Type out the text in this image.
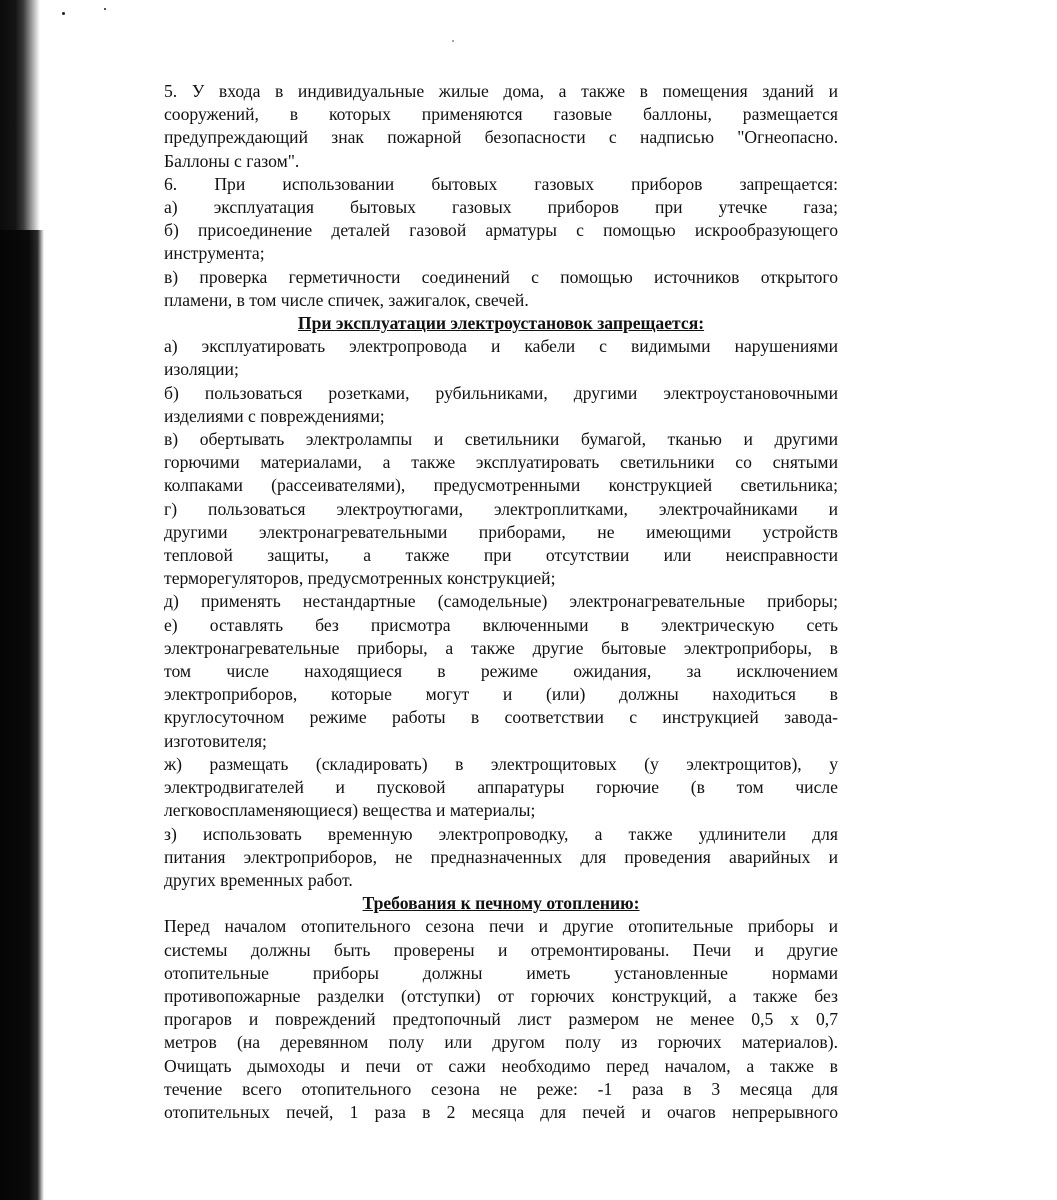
5. У входа в индивидуальные жилые дома, а также в помещения зданий и
сооружений, в которых применяются газовые баллоны, размещается
предупреждающий знак пожарной безопасности с надписью "Огнеопасно.
Баллоны с газом".
6. При использовании бытовых газовых приборов запрещается:
а) эксплуатация бытовых газовых приборов при утечке газа;
б) присоединение деталей газовой арматуры с помощью искрообразующего
инструмента;
в) проверка герметичности соединений с помощью источников открытого
пламени, в том числе спичек, зажигалок, свечей.
При эксплуатации электроустановок запрещается:
а) эксплуатировать электропровода и кабели с видимыми нарушениями
изоляции;
б) пользоваться розетками, рубильниками, другими электроустановочными
изделиями с повреждениями;
в) обертывать электролампы и светильники бумагой, тканью и другими
горючими материалами, а также эксплуатировать светильники со снятыми
колпаками (рассеивателями), предусмотренными конструкцией светильника;
г) пользоваться электроутюгами, электроплитками, электрочайниками и
другими электронагревательными приборами, не имеющими устройств
тепловой защиты, а также при отсутствии или неисправности
терморегуляторов, предусмотренных конструкцией;
д) применять нестандартные (самодельные) электронагревательные приборы;
е) оставлять без присмотра включенными в электрическую сеть
электронагревательные приборы, а также другие бытовые электроприборы, в
том числе находящиеся в режиме ожидания, за исключением
электроприборов, которые могут и (или) должны находиться в
круглосуточном режиме работы в соответствии с инструкцией завода-
изготовителя;
ж) размещать (складировать) в электрощитовых (у электрощитов), у
электродвигателей и пусковой аппаратуры горючие (в том числе
легковоспламеняющиеся) вещества и материалы;
з) использовать временную электропроводку, а также удлинители для
питания электроприборов, не предназначенных для проведения аварийных и
других временных работ.
Требования к печному отоплению:
Перед началом отопительного сезона печи и другие отопительные приборы и
системы должны быть проверены и отремонтированы. Печи и другие
отопительные приборы должны иметь установленные нормами
противопожарные разделки (отступки) от горючих конструкций, а также без
прогаров и повреждений предтопочный лист размером не менее 0,5 х 0,7
метров (на деревянном полу или другом полу из горючих материалов).
Очищать дымоходы и печи от сажи необходимо перед началом, а также в
течение всего отопительного сезона не реже: -1 раза в 3 месяца для
отопительных печей, 1 раза в 2 месяца для печей и очагов непрерывного
